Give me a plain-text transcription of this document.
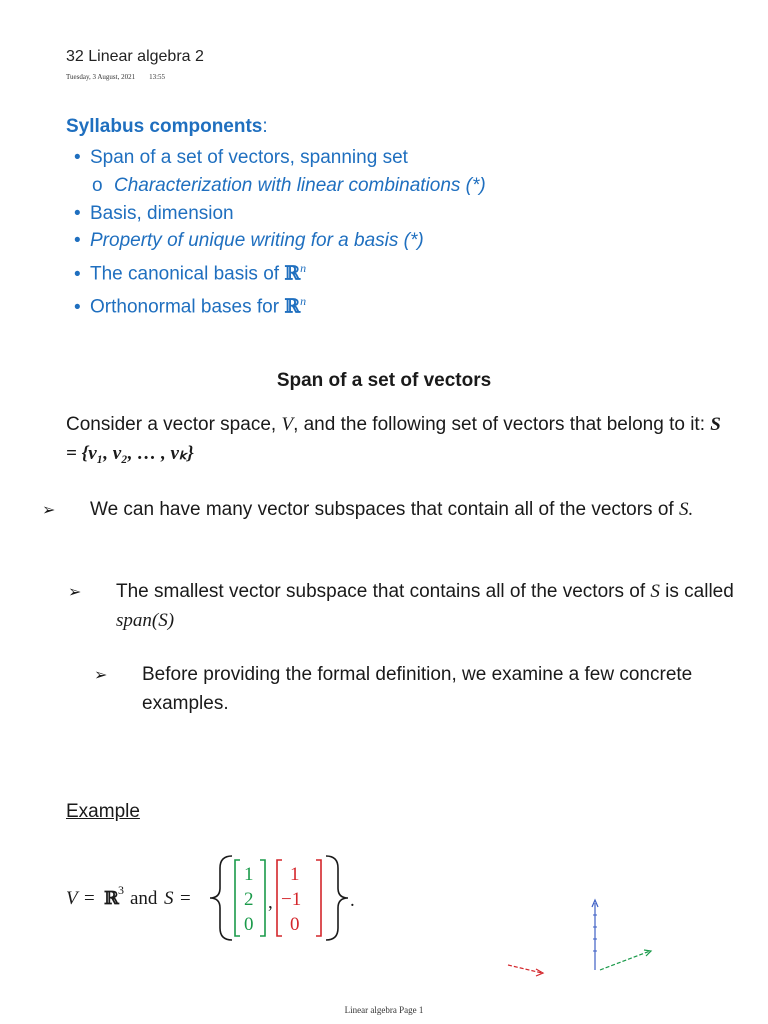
32 Linear algebra 2
Tuesday, 3 August, 2021 13:55
Syllabus components:
• Span of a set of vectors, spanning set
o Characterization with linear combinations (*)
• Basis, dimension
• Property of unique writing for a basis (*)
• The canonical basis of ℝ$^n$
• Orthonormal bases for ℝ$^n$
Span of a set of vectors
Consider a vector space, V, and the following set of vectors that belong to it: S = {v₁, v₂, … , vₖ}
➢ We can have many vector subspaces that contain all of the vectors of S.
➢ The smallest vector subspace that contains all of the vectors of S is called span(S)
➢ Before providing the formal definition, we examine a few concrete examples.
Example
V = ℝ 3 and S =
1
2
0
,
1
−1
0
.
Linear algebra Page 1
